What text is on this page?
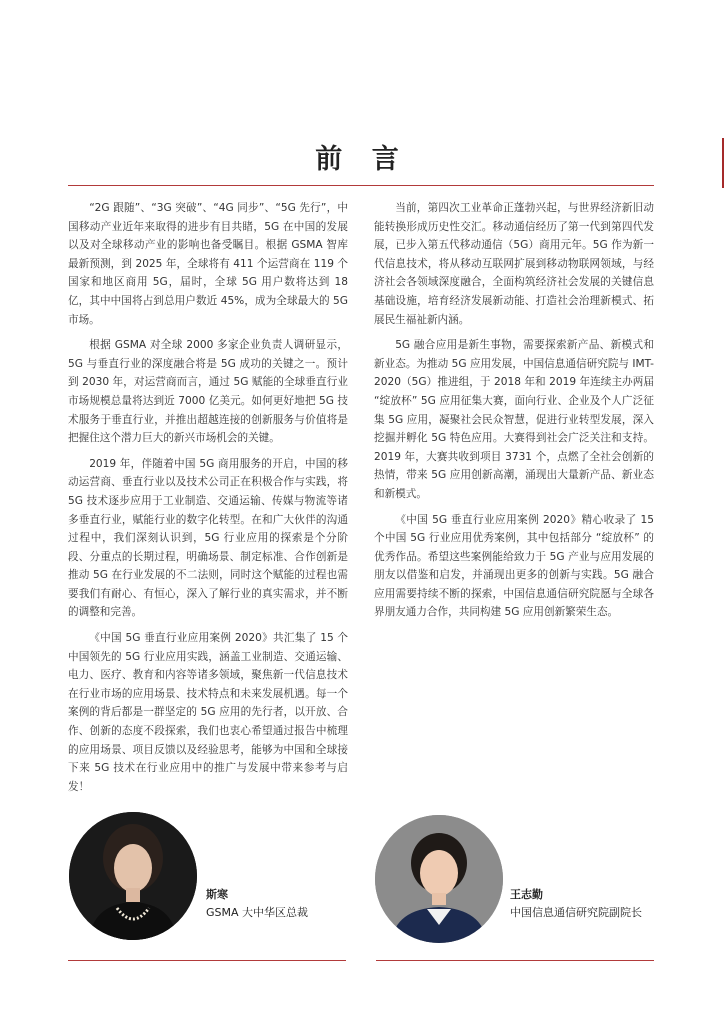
前 言

“2G 跟随”、“3G 突破”、“4G 同步”、“5G 先行”，中国移动产业近年来取得的进步有目共睹，5G 在中国的发展以及对全球移动产业的影响也备受瞩目。根据 GSMA 智库最新预测，到 2025 年，全球将有 411 个运营商在 119 个国家和地区商用 5G，届时，全球 5G 用户数将达到 18 亿，其中中国将占到总用户数近 45%，成为全球最大的 5G 市场。

根据 GSMA 对全球 2000 多家企业负责人调研显示，5G 与垂直行业的深度融合将是 5G 成功的关键之一。预计到 2030 年，对运营商而言，通过 5G 赋能的全球垂直行业市场规模总量将达到近 7000 亿美元。如何更好地把 5G 技术服务于垂直行业，并推出超越连接的创新服务与价值将是把握住这个潜力巨大的新兴市场机会的关键。

2019 年，伴随着中国 5G 商用服务的开启，中国的移动运营商、垂直行业以及技术公司正在积极合作与实践，将 5G 技术逐步应用于工业制造、交通运输、传媒与物流等诸多垂直行业，赋能行业的数字化转型。在和广大伙伴的沟通过程中，我们深刻认识到，5G 行业应用的探索是个分阶段、分重点的长期过程，明确场景、制定标准、合作创新是推动 5G 在行业发展的不二法则，同时这个赋能的过程也需要我们有耐心、有恒心，深入了解行业的真实需求，并不断的调整和完善。

《中国 5G 垂直行业应用案例 2020》共汇集了 15 个中国领先的 5G 行业应用实践，涵盖工业制造、交通运输、电力、医疗、教育和内容等诸多领域，聚焦新一代信息技术在行业市场的应用场景、技术特点和未来发展机遇。每一个案例的背后都是一群坚定的 5G 应用的先行者，以开放、合作、创新的态度不段探索，我们也衷心希望通过报告中梳理的应用场景、项目反馈以及经验思考，能够为中国和全球接下来 5G 技术在行业应用中的推广与发展中带来参考与启发！

当前，第四次工业革命正蓬勃兴起，与世界经济新旧动能转换形成历史性交汇。移动通信经历了第一代到第四代发展，已步入第五代移动通信（5G）商用元年。5G 作为新一代信息技术，将从移动互联网扩展到移动物联网领域，与经济社会各领域深度融合，全面构筑经济社会发展的关键信息基础设施，培育经济发展新动能、打造社会治理新模式、拓展民生福祉新内涵。

5G 融合应用是新生事物，需要探索新产品、新模式和新业态。为推动 5G 应用发展，中国信息通信研究院与 IMT-2020（5G）推进组，于 2018 年和 2019 年连续主办两届 “绽放杯” 5G 应用征集大赛，面向行业、企业及个人广泛征集 5G 应用，凝聚社会民众智慧，促进行业转型发展，深入挖掘并孵化 5G 特色应用。大赛得到社会广泛关注和支持。2019 年，大赛共收到项目 3731 个，点燃了全社会创新的热情，带来 5G 应用创新高潮，涌现出大量新产品、新业态和新模式。

《中国 5G 垂直行业应用案例 2020》精心收录了 15 个中国 5G 行业应用优秀案例，其中包括部分 “绽放杯” 的优秀作品。希望这些案例能给致力于 5G 产业与应用发展的朋友以借鉴和启发，并涌现出更多的创新与实践。5G 融合应用需要持续不断的探索，中国信息通信研究院愿与全球各界朋友通力合作，共同构建 5G 应用创新繁荣生态。

斯寒
GSMA 大中华区总裁
王志勤
中国信息通信研究院副院长
